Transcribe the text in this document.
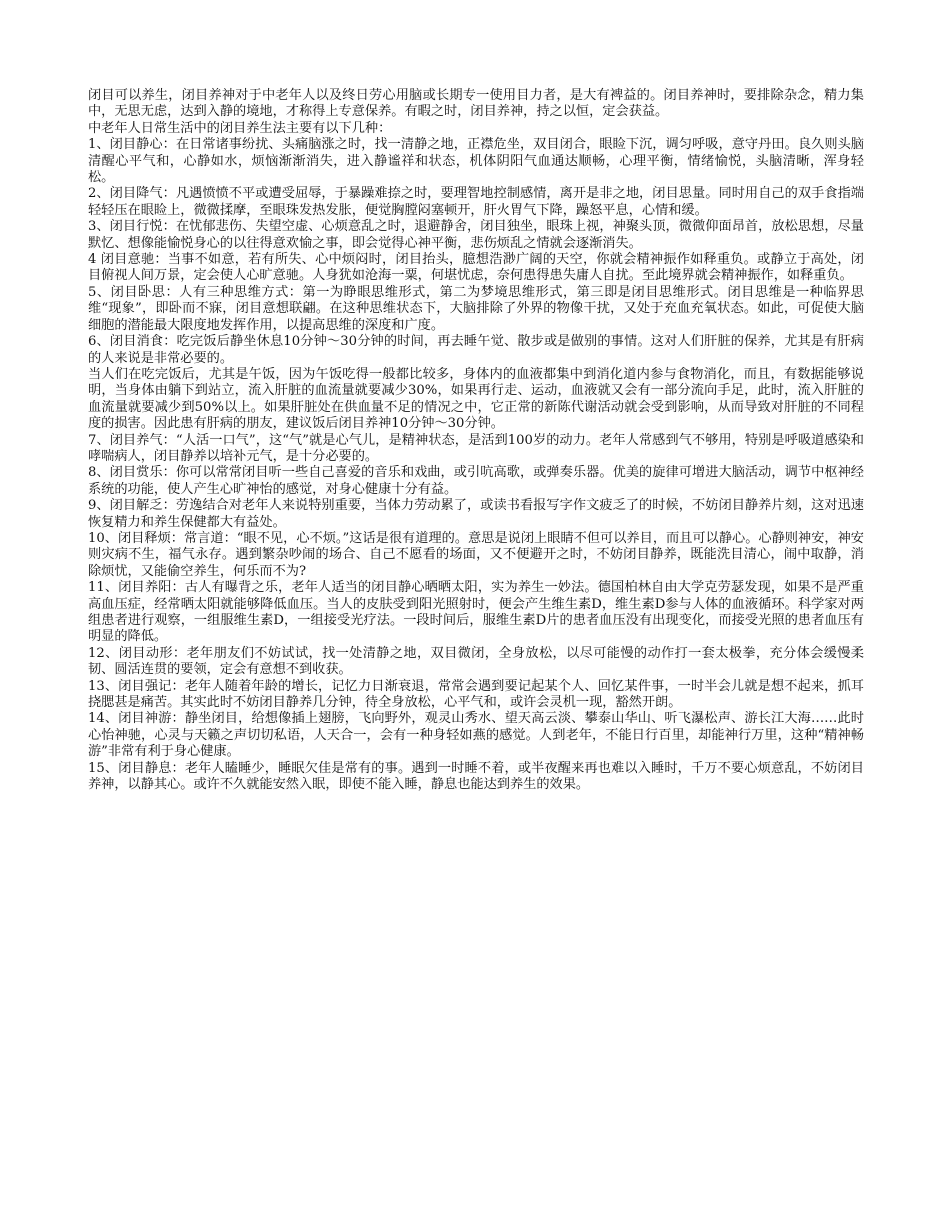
闭目可以养生，闭目养神对于中老年人以及终日劳心用脑或长期专一使用目力者，是大有裨益的。闭目养神时，要排除杂念，精力集中，无思无虑，达到入静的境地，才称得上专意保养。有暇之时，闭目养神，持之以恒，定会获益。

中老年人日常生活中的闭目养生法主要有以下几种：

1、闭目静心：在日常诸事纷扰、头痛脑涨之时，找一清静之地，正襟危坐，双目闭合，眼睑下沉，调匀呼吸，意守丹田。良久则头脑清醒心平气和，心静如水，烦恼渐渐消失，进入静谧祥和状态，机体阴阳气血通达顺畅，心理平衡，情绪愉悦，头脑清晰，浑身轻松。

2、闭目降气：凡遇愤愤不平或遭受屈辱，于暴躁难捺之时，要理智地控制感情，离开是非之地，闭目思量。同时用自己的双手食指端轻轻压在眼睑上，微微揉摩，至眼珠发热发胀，便觉胸膛闷塞顿开，肝火胃气下降，躁怒平息，心情和缓。

3、闭目行悦：在忧郁悲伤、失望空虚、心烦意乱之时，退避静舍，闭目独坐，眼珠上视，神聚头顶，微微仰面昂首，放松思想，尽量默忆、想像能愉悦身心的以往得意欢愉之事，即会觉得心神平衡，悲伤烦乱之情就会逐渐消失。

4 闭目意驰：当事不如意，若有所失、心中烦闷时，闭目抬头，臆想浩渺广阔的天空，你就会精神振作如释重负。或静立于高处，闭目俯视人间万景，定会使人心旷意驰。人身犹如沧海一粟，何堪忧虑，奈何患得患失庸人自扰。至此境界就会精神振作，如释重负。

5、闭目卧思：人有三种思维方式：第一为睁眼思维形式，第二为梦境思维形式，第三即是闭目思维形式。闭目思维是一种临界思维“现象”，即卧而不寐，闭目意想联翩。在这种思维状态下，大脑排除了外界的物像干扰，又处于充血充氧状态。如此，可促使大脑细胞的潜能最大限度地发挥作用，以提高思维的深度和广度。

6、闭目消食：吃完饭后静坐休息10分钟～30分钟的时间，再去睡午觉、散步或是做别的事情。这对人们肝脏的保养，尤其是有肝病的人来说是非常必要的。

当人们在吃完饭后，尤其是午饭，因为午饭吃得一般都比较多，身体内的血液都集中到消化道内参与食物消化，而且，有数据能够说明，当身体由躺下到站立，流入肝脏的血流量就要减少30%，如果再行走、运动，血液就又会有一部分流向手足，此时，流入肝脏的血流量就要减少到50%以上。如果肝脏处在供血量不足的情况之中，它正常的新陈代谢活动就会受到影响，从而导致对肝脏的不同程度的损害。因此患有肝病的朋友，建议饭后闭目养神10分钟～30分钟。

7、闭目养气：“人活一口气”，这“气”就是心气儿，是精神状态，是活到100岁的动力。老年人常感到气不够用，特别是呼吸道感染和哮喘病人，闭目静养以培补元气，是十分必要的。

8、闭目赏乐：你可以常常闭目听一些自己喜爱的音乐和戏曲，或引吭高歌，或弹奏乐器。优美的旋律可增进大脑活动，调节中枢神经系统的功能，使人产生心旷神怡的感觉，对身心健康十分有益。

9、闭目解乏：劳逸结合对老年人来说特别重要，当体力劳动累了，或读书看报写字作文疲乏了的时候，不妨闭目静养片刻，这对迅速恢复精力和养生保健都大有益处。

10、闭目释烦：常言道：“眼不见，心不烦。”这话是很有道理的。意思是说闭上眼睛不但可以养目，而且可以静心。心静则神安，神安则灾病不生，福气永存。遇到繁杂吵闹的场合、自己不愿看的场面，又不便避开之时，不妨闭目静养，既能洗目清心，闹中取静，消除烦忧，又能偷空养生，何乐而不为?

11、闭目养阳：古人有曝背之乐，老年人适当的闭目静心晒晒太阳，实为养生一妙法。德国柏林自由大学克劳瑟发现，如果不是严重高血压症，经常晒太阳就能够降低血压。当人的皮肤受到阳光照射时，便会产生维生素D，维生素D参与人体的血液循环。科学家对两组患者进行观察，一组服维生素D，一组接受光疗法。一段时间后，服维生素D片的患者血压没有出现变化，而接受光照的患者血压有明显的降低。

12、闭目动形：老年朋友们不妨试试，找一处清静之地，双目微闭，全身放松，以尽可能慢的动作打一套太极拳，充分体会缓慢柔韧、圆活连贯的要领，定会有意想不到收获。

13、闭目强记：老年人随着年龄的增长，记忆力日渐衰退，常常会遇到要记起某个人、回忆某件事，一时半会儿就是想不起来，抓耳挠腮甚是痛苦。其实此时不妨闭目静养几分钟，待全身放松，心平气和，或许会灵机一现，豁然开朗。

14、闭目神游：静坐闭目，给想像插上翅膀，飞向野外，观灵山秀水、望天高云淡、攀泰山华山、听飞瀑松声、游长江大海……此时心怡神驰，心灵与天籁之声切切私语，人天合一，会有一种身轻如燕的感觉。人到老年，不能日行百里，却能神行万里，这种“精神畅游”非常有利于身心健康。

15、闭目静息：老年人瞌睡少，睡眠欠佳是常有的事。遇到一时睡不着，或半夜醒来再也难以入睡时，千万不要心烦意乱，不妨闭目养神，以静其心。或许不久就能安然入眠，即使不能入睡，静息也能达到养生的效果。
